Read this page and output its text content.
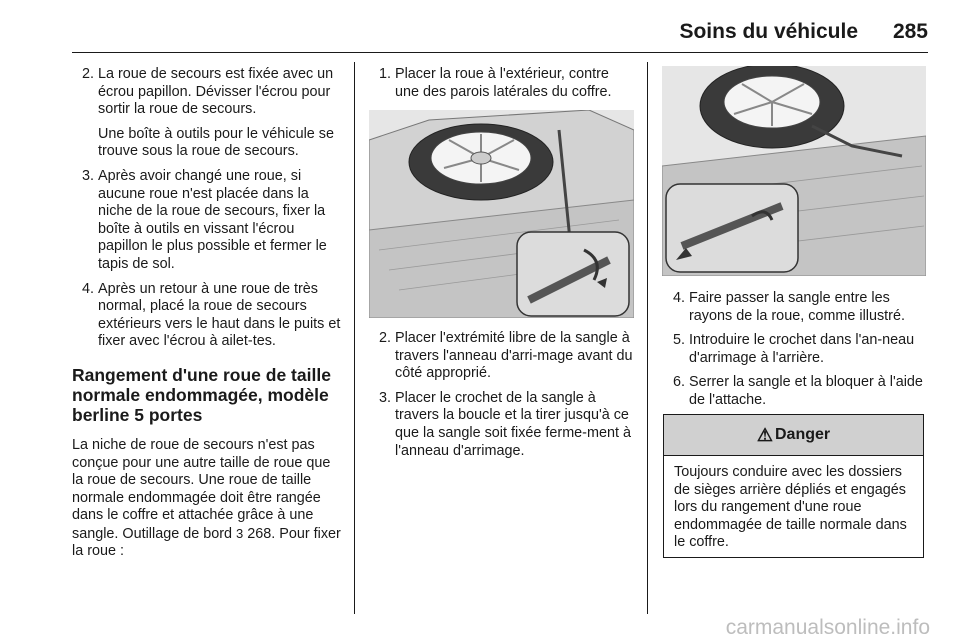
Soins du véhicule	285
2. La roue de secours est fixée avec un écrou papillon. Dévisser l'écrou pour sortir la roue de secours.
Une boîte à outils pour le véhicule se trouve sous la roue de secours.
3. Après avoir changé une roue, si aucune roue n'est placée dans la niche de la roue de secours, fixer la boîte à outils en vissant l'écrou papillon le plus possible et fermer le tapis de sol.
4. Après un retour à une roue de très normal, placé la roue de secours extérieurs vers le haut dans le puits et fixer avec l'écrou à ailet-tes.
Rangement d'une roue de taille normale endommagée, modèle berline 5 portes

La niche de roue de secours n'est pas conçue pour une autre taille de roue que la roue de secours. Une roue de taille normale endommagée doit être rangée dans le coffre et attachée grâce à une sangle. Outillage de bord 3 268. Pour fixer la roue :

1. Placer la roue à l'extérieur, contre une des parois latérales du coffre.
2. Placer l'extrémité libre de la sangle à travers l'anneau d'arri-mage avant du côté approprié.
3. Placer le crochet de la sangle à travers la boucle et la tirer jusqu'à ce que la sangle soit fixée ferme-ment à l'anneau d'arrimage.
4. Faire passer la sangle entre les rayons de la roue, comme illustré.
5. Introduire le crochet dans l'an-neau d'arrimage à l'arrière.
6. Serrer la sangle et la bloquer à l'aide de l'attache.
⚠ Danger
Toujours conduire avec les dossiers de sièges arrière dépliés et engagés lors du rangement d'une roue endommagée de taille normale dans le coffre.
carmanualsonline.info
